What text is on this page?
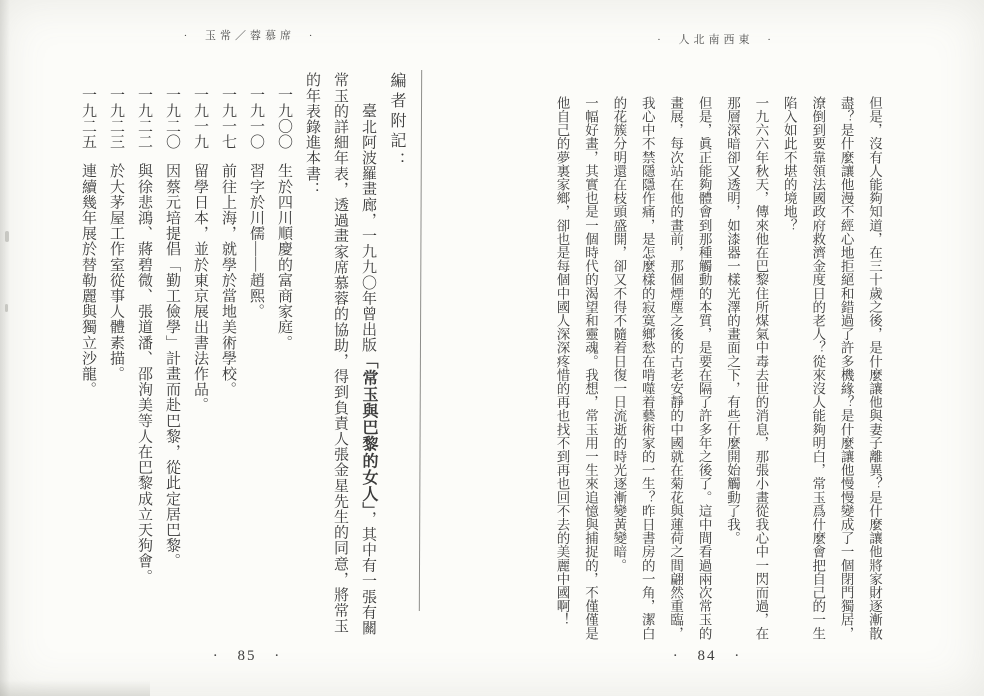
· 玉常／蓉慕席 ·
編者附記：
臺北阿波羅畫廊，一九九〇年曾出版「常玉與巴黎的女人」，其中有一張有關
常玉的詳細年表，透過畫家席慕蓉的協助，得到負責人張金星先生的同意，將常玉
的年表錄進本書：
一九〇〇生於四川順慶的富商家庭。
一九一〇習字於川儒——趙熙。
一九一七前往上海，就學於當地美術學校。
一九一九留學日本，並於東京展出書法作品。
一九二〇因蔡元培提倡「勤工儉學」計畫而赴巴黎，從此定居巴黎。
一九二二與徐悲鴻、蔣碧微、張道潘、邵洵美等人在巴黎成立天狗會。
一九二三於大茅屋工作室從事人體素描。
一九二五連續幾年展於替勒麗與獨立沙龍。
· 85 ·
· 人北南西東 ·
但是，沒有人能夠知道，在三十歲之後，是什麼讓他與妻子離異？是什麼讓他將家財逐漸散
盡？是什麼讓他漫不經心地拒絕和錯過了許多機緣？是什麼讓他慢慢變成了一個閉門獨居，
潦倒到要靠領法國政府救濟金度日的老人？從來沒人能夠明白，常玉爲什麼會把自己的一生
陷入如此不堪的境地？
一九六六年秋天，傳來他在巴黎住所煤氣中毒去世的消息，那張小畫從我心中一閃而過，在
那層深暗卻又透明，如漆器一樣光澤的畫面之下，有些什麼開始觸動了我。
但是，眞正能夠體會到那種觸動的本質，是要在隔了許多年之後了。這中間看過兩次常玉的
畫展，每次站在他的畫前，那個煙塵之後的古老安靜的中國就在菊花與蓮荷之間翩然重臨，
我心中不禁隱隱作痛，是怎麼樣的寂寞鄉愁在啃噬着藝術家的一生？昨日書房的一角，潔白
的花簇分明還在枝頭盛開，卻又不得不隨着日復一日流逝的時光逐漸變黃變暗。
一幅好畫，其實也是一個時代的渴望和靈魂。我想，常玉用一生來追憶與捕捉的，不僅僅是
他自己的夢裏家鄉，卻也是每個中國人深深疼惜的再也找不到再也回不去的美麗中國啊！
· 84 ·
